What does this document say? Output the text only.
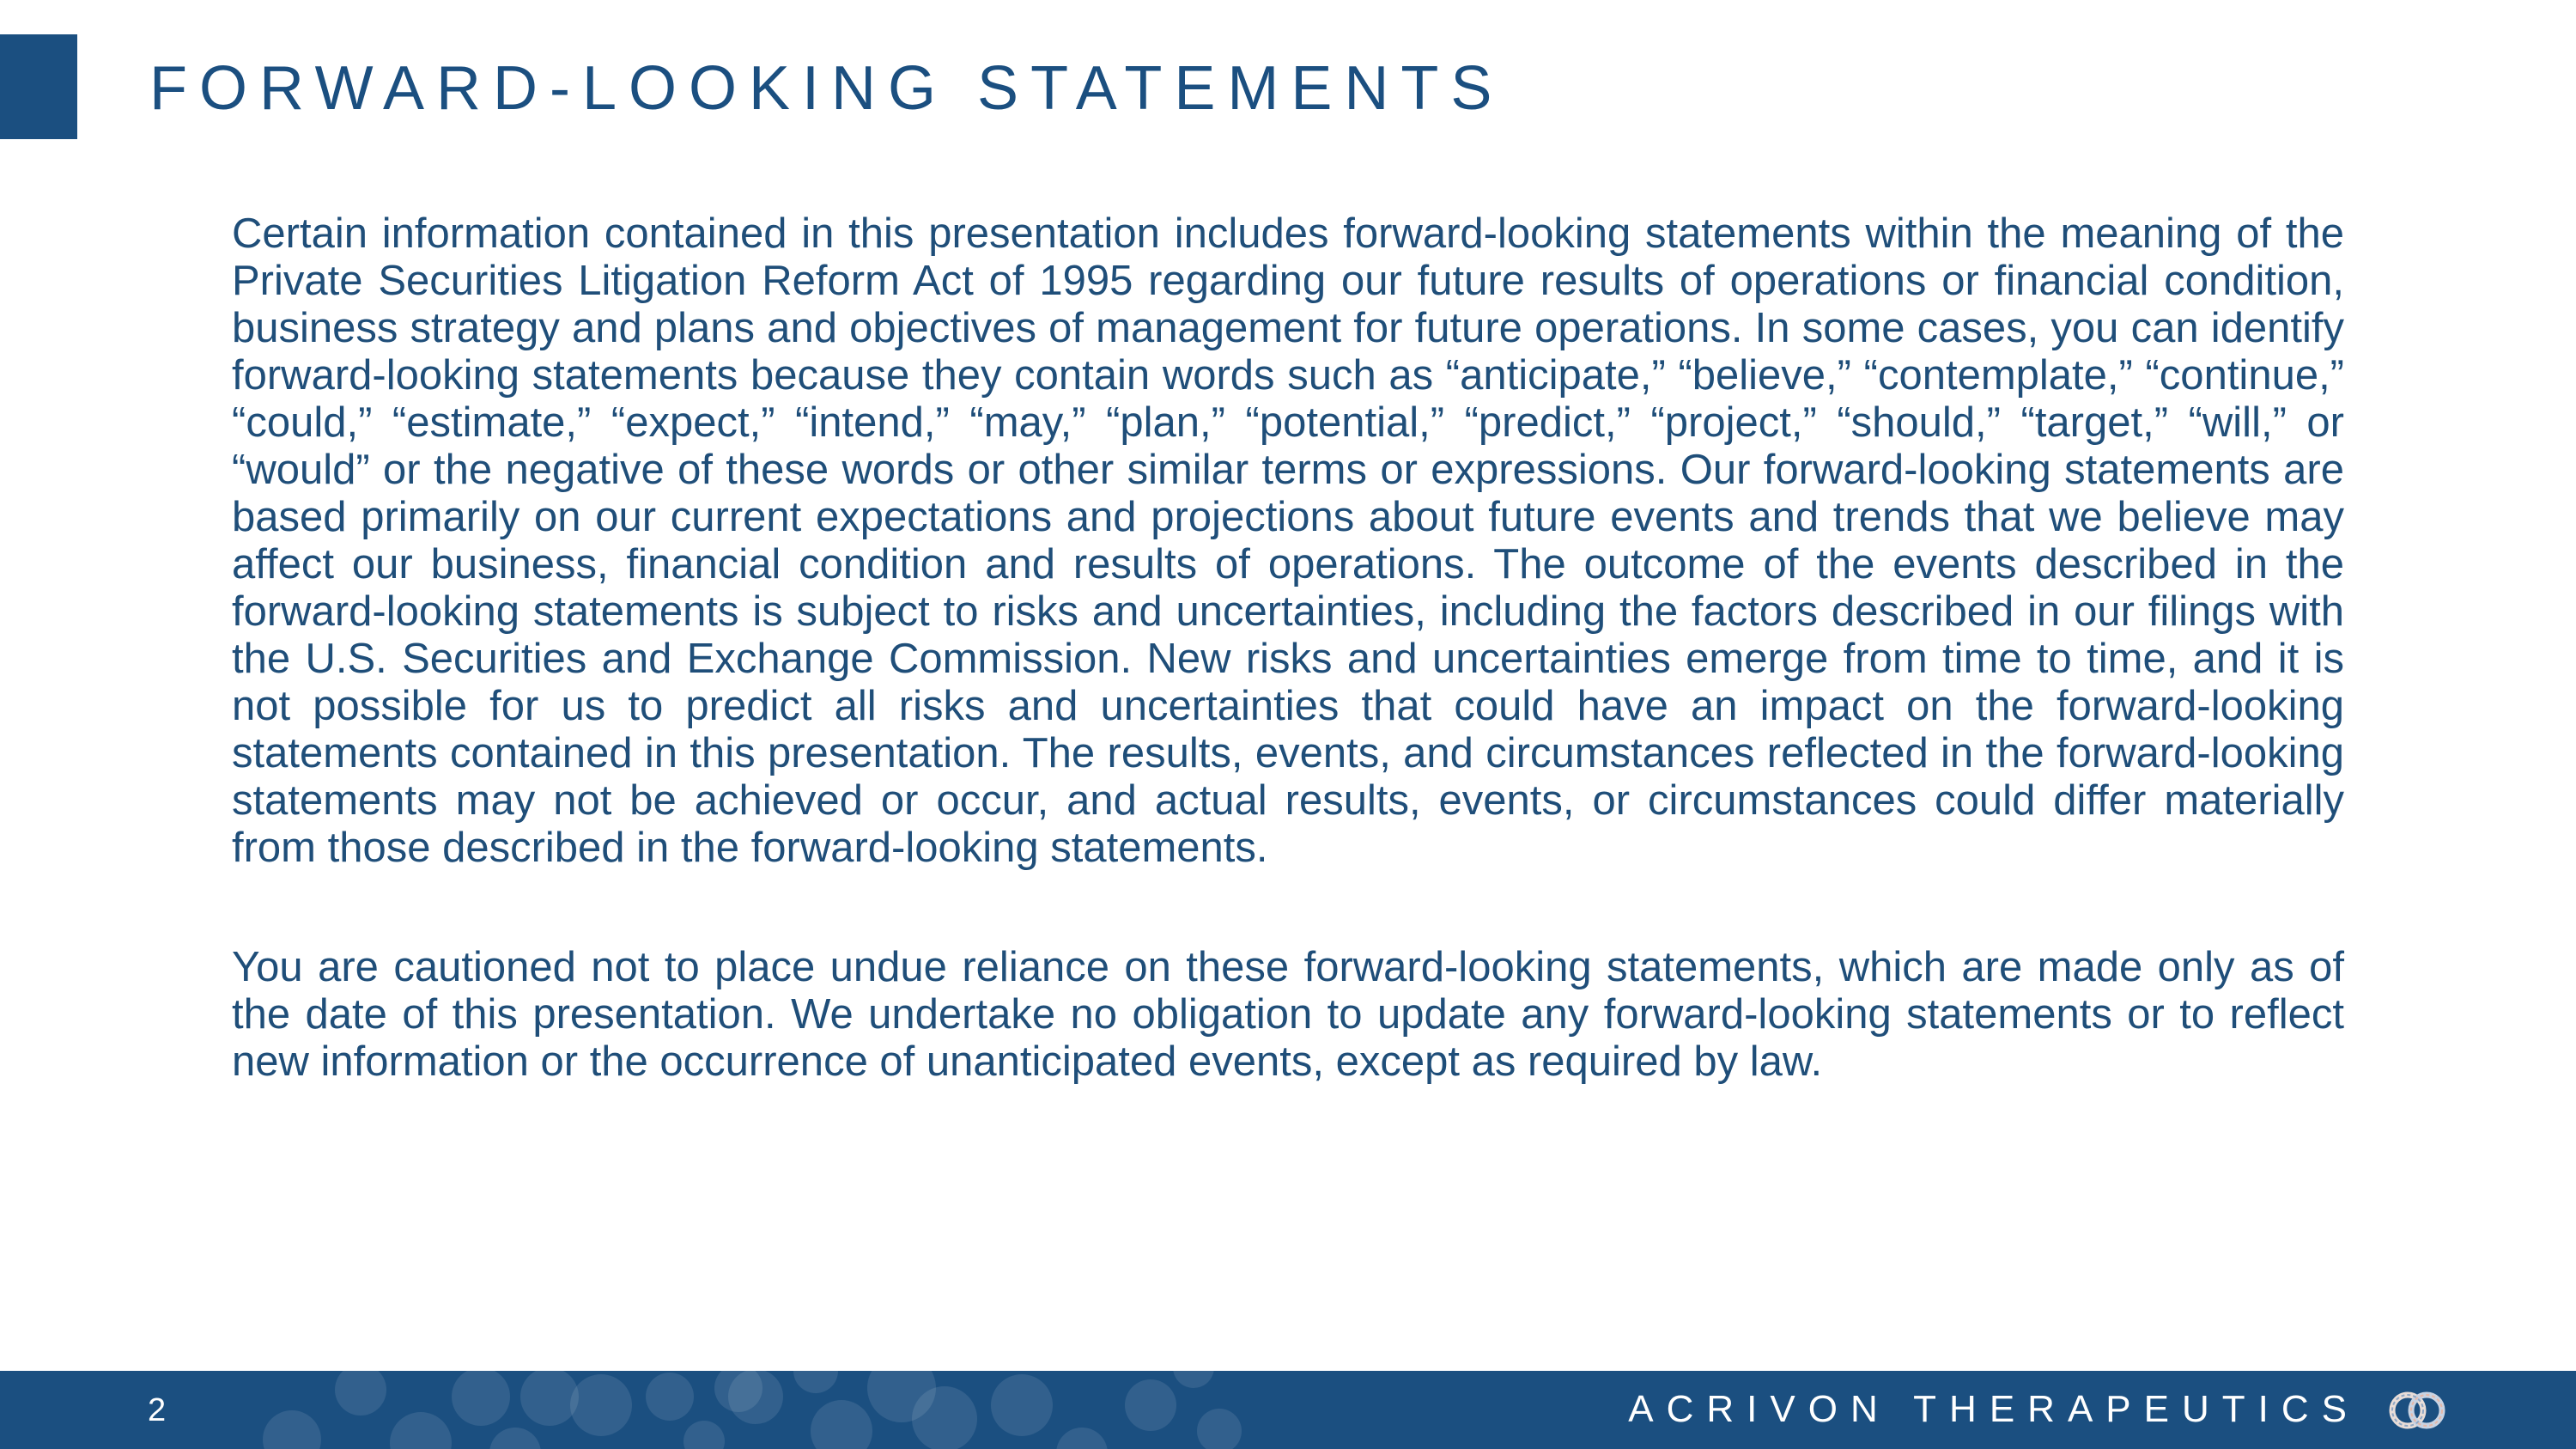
FORWARD-LOOKING STATEMENTS

Certain information contained in this presentation includes forward-looking statements within the meaning of the Private Securities Litigation Reform Act of 1995 regarding our future results of operations or financial condition, business strategy and plans and objectives of management for future operations. In some cases, you can identify forward-looking statements because they contain words such as “anticipate,” “believe,” “contemplate,” “continue,” “could,” “estimate,” “expect,” “intend,” “may,” “plan,” “potential,” “predict,” “project,” “should,” “target,” “will,” or “would” or the negative of these words or other similar terms or expressions. Our forward-looking statements are based primarily on our current expectations and projections about future events and trends that we believe may affect our business, financial condition and results of operations. The outcome of the events described in the forward-looking statements is subject to risks and uncertainties, including the factors described in our filings with the U.S. Securities and Exchange Commission. New risks and uncertainties emerge from time to time, and it is not possible for us to predict all risks and uncertainties that could have an impact on the forward-looking statements contained in this presentation. The results, events, and circumstances reflected in the forward-looking statements may not be achieved or occur, and actual results, events, or circumstances could differ materially from those described in the forward-looking statements.

You are cautioned not to place undue reliance on these forward-looking statements, which are made only as of the date of this presentation. We undertake no obligation to update any forward-looking statements or to reflect new information or the occurrence of unanticipated events, except as required by law.

2	ACRIVON THERAPEUTICS
